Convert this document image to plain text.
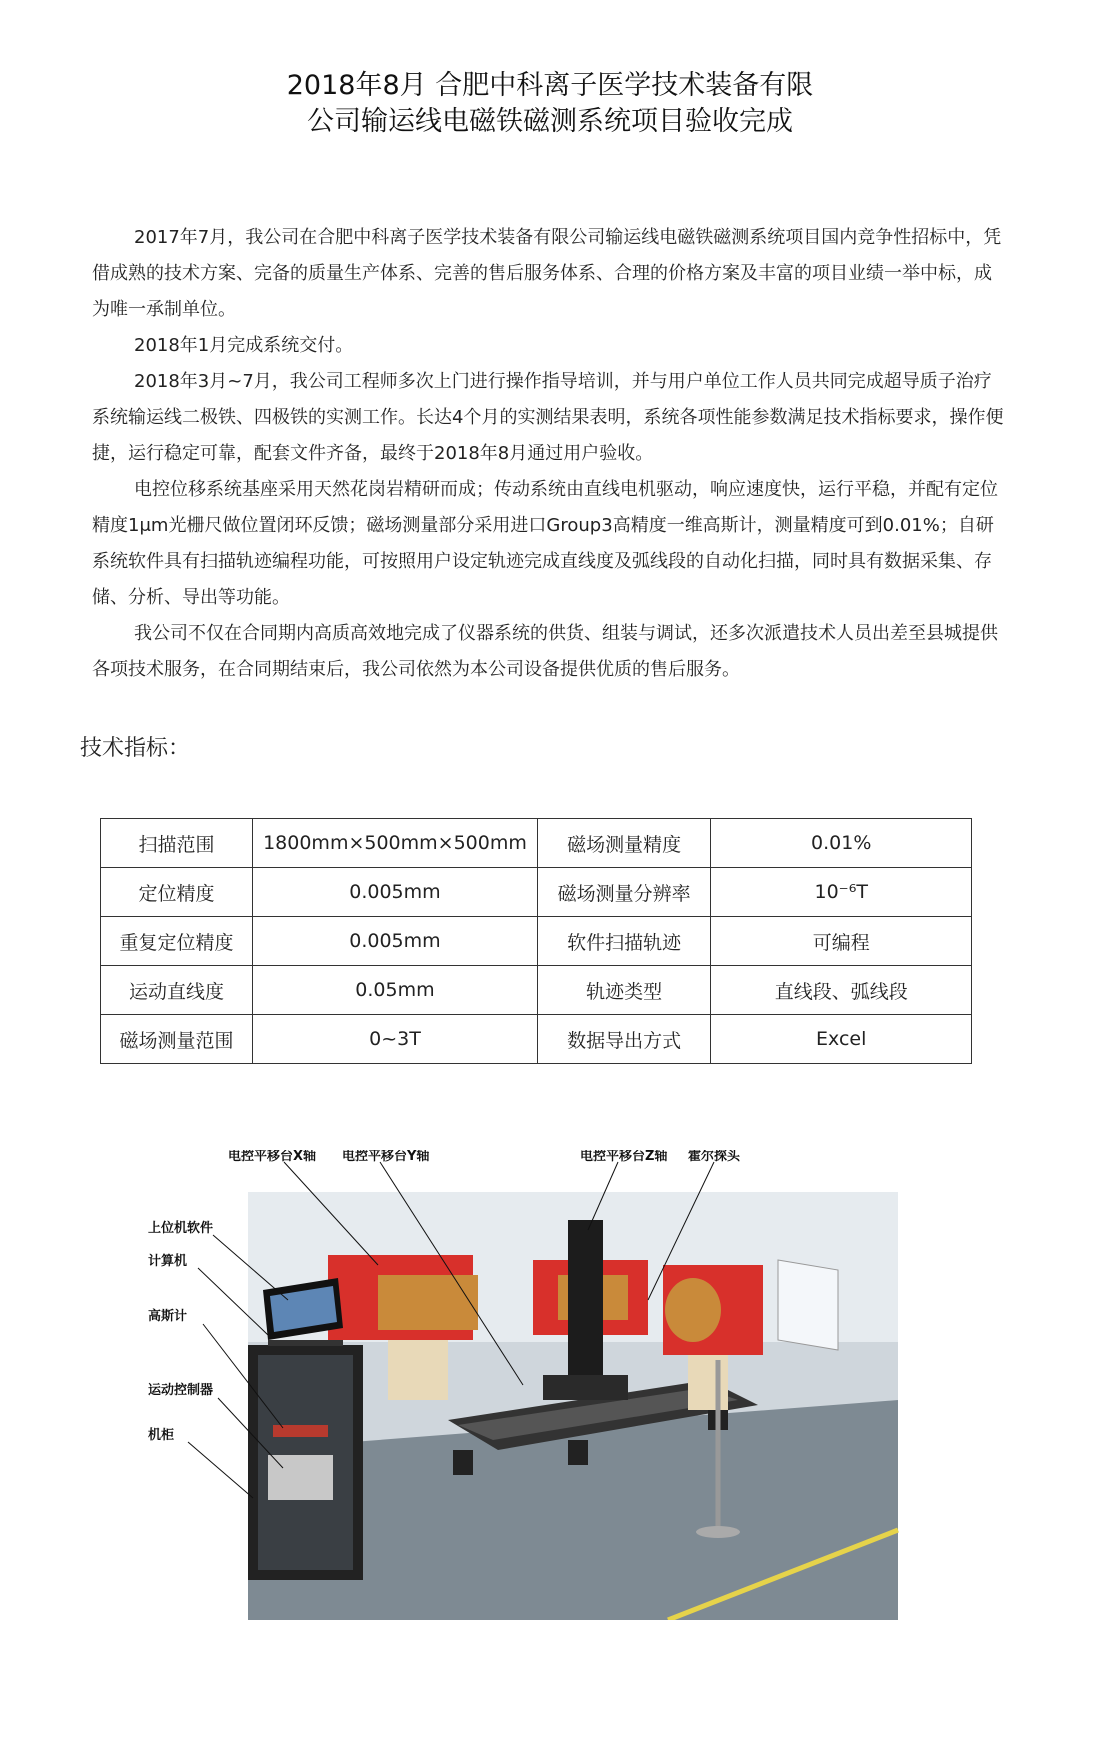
2018年8月 合肥中科离子医学技术装备有限
公司输运线电磁铁磁测系统项目验收完成

2017年7月，我公司在合肥中科离子医学技术装备有限公司输运线电磁铁磁测系统项目国内竞争性招标中，凭借成熟的技术方案、完备的质量生产体系、完善的售后服务体系、合理的价格方案及丰富的项目业绩一举中标，成为唯一承制单位。

2018年1月完成系统交付。

2018年3月~7月，我公司工程师多次上门进行操作指导培训，并与用户单位工作人员共同完成超导质子治疗系统输运线二极铁、四极铁的实测工作。长达4个月的实测结果表明，系统各项性能参数满足技术指标要求，操作便捷，运行稳定可靠，配套文件齐备，最终于2018年8月通过用户验收。

电控位移系统基座采用天然花岗岩精研而成；传动系统由直线电机驱动，响应速度快，运行平稳，并配有定位精度1μm光栅尺做位置闭环反馈；磁场测量部分采用进口Group3高精度一维高斯计，测量精度可到0.01%；自研系统软件具有扫描轨迹编程功能，可按照用户设定轨迹完成直线度及弧线段的自动化扫描，同时具有数据采集、存储、分析、导出等功能。

我公司不仅在合同期内高质高效地完成了仪器系统的供货、组装与调试，还多次派遣技术人员出差至县城提供各项技术服务，在合同期结束后，我公司依然为本公司设备提供优质的售后服务。

技术指标：
扫描范围	1800mm×500mm×500mm	磁场测量精度	0.01%
定位精度	0.005mm	磁场测量分辨率	10⁻⁶T
重复定位精度	0.005mm	软件扫描轨迹	可编程
运动直线度	0.05mm	轨迹类型	直线段、弧线段
磁场测量范围	0~3T	数据导出方式	Excel
电控平移台X轴 电控平移台Y轴	电控平移台Z轴 霍尔探头
上位机软件
计算机
高斯计
运动控制器
机柜
